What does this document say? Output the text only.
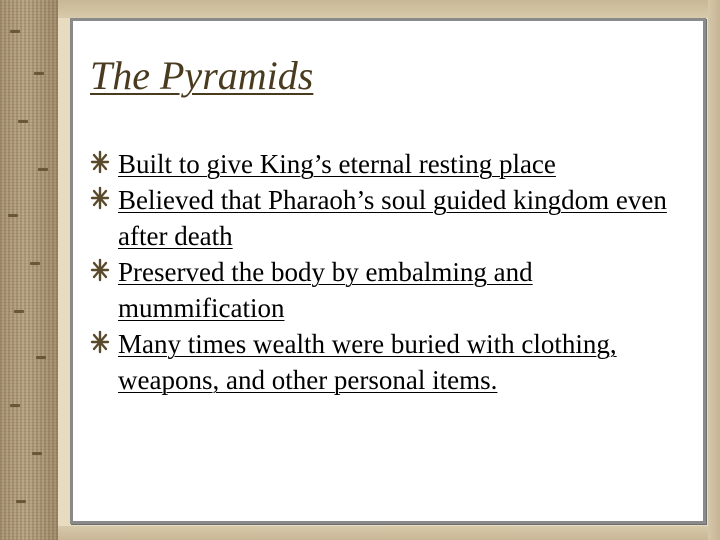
The Pyramids
Built to give King’s eternal resting place
Believed that Pharaoh’s soul guided kingdom even after death
Preserved the body by embalming and mummification
Many times wealth were buried with clothing, weapons, and other personal items.
